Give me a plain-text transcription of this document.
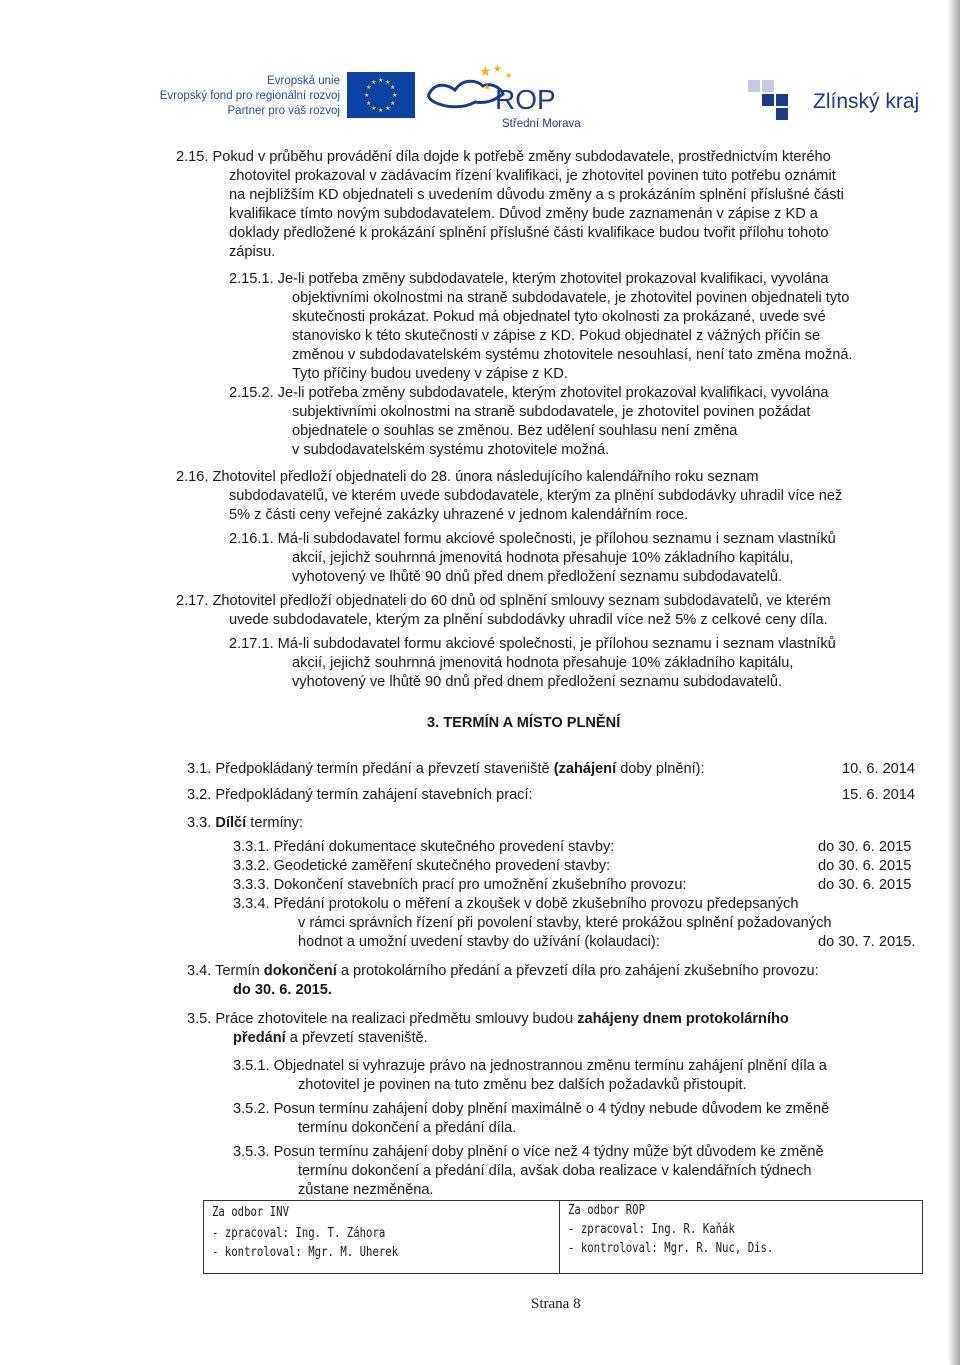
Evropská unie
Evropský fond pro regionální rozvoj
Partner pro váš rozvoj
★ ★
★
★
★
★
★
★
★
★
★
★
★ ★
★
★ ROP
Střední Morava
Zlínský kraj
2.15. Pokud v průběhu provádění díla dojde k potřebě změny subdodavatele, prostřednictvím kterého
zhotovitel prokazoval v zadávacím řízení kvalifikaci, je zhotovitel povinen tuto potřebu oznámit
na nejbližším KD objednateli s uvedením důvodu změny a s prokázáním splnění příslušné části
kvalifikace tímto novým subdodavatelem. Důvod změny bude zaznamenán v zápise z KD a
doklady předložené k prokázání splnění příslušné části kvalifikace budou tvořit přílohu tohoto
zápisu.
2.15.1. Je-li potřeba změny subdodavatele, kterým zhotovitel prokazoval kvalifikaci, vyvolána
objektivními okolnostmi na straně subdodavatele, je zhotovitel povinen objednateli tyto
skutečnosti prokázat. Pokud má objednatel tyto okolnosti za prokázané, uvede své
stanovisko k této skutečnosti v zápise z KD. Pokud objednatel z vážných příčin se
změnou v subdodavatelském systému zhotovitele nesouhlasí, není tato změna možná.
Tyto příčiny budou uvedeny v zápise z KD.
2.15.2. Je-li potřeba změny subdodavatele, kterým zhotovitel prokazoval kvalifikaci, vyvolána
subjektivními okolnostmi na straně subdodavatele, je zhotovitel povinen požádat
objednatele o souhlas se změnou. Bez udělení souhlasu není změna
v subdodavatelském systému zhotovitele možná.
2.16. Zhotovitel předloží objednateli do 28. února následujícího kalendářního roku seznam
subdodavatelů, ve kterém uvede subdodavatele, kterým za plnění subdodávky uhradil více než
5% z části ceny veřejné zakázky uhrazené v jednom kalendářním roce.
2.16.1. Má-li subdodavatel formu akciové společnosti, je přílohou seznamu i seznam vlastníků
akcií, jejichž souhrnná jmenovitá hodnota přesahuje 10% základního kapitálu,
vyhotovený ve lhůtě 90 dnů před dnem předložení seznamu subdodavatelů.
2.17. Zhotovitel předloží objednateli do 60 dnů od splnění smlouvy seznam subdodavatelů, ve kterém
uvede subdodavatele, kterým za plnění subdodávky uhradil více než 5% z celkové ceny díla.
2.17.1. Má-li subdodavatel formu akciové společnosti, je přílohou seznamu i seznam vlastníků
akcií, jejichž souhrnná jmenovitá hodnota přesahuje 10% základního kapitálu,
vyhotovený ve lhůtě 90 dnů před dnem předložení seznamu subdodavatelů.
3. TERMÍN A MÍSTO PLNĚNÍ
3.1. Předpokládaný termín předání a převzetí staveniště (zahájení doby plnění):
3.2. Předpokládaný termín zahájení stavebních prací:
3.3. Dílčí termíny:
3.3.1. Předání dokumentace skutečného provedení stavby:
3.3.2. Geodetické zaměření skutečného provedení stavby:
3.3.3. Dokončení stavebních prací pro umožnění zkušebního provozu:
3.3.4. Předání protokolu o měření a zkoušek v době zkušebního provozu předepsaných
v rámci správních řízení při povolení stavby, které prokážou splnění požadovaných
hodnot a umožní uvedení stavby do užívání (kolaudaci):
3.4. Termín dokončení a protokolárního předání a převzetí díla pro zahájení zkušebního provozu:
do 30. 6. 2015.
3.5. Práce zhotovitele na realizaci předmětu smlouvy budou zahájeny dnem protokolárního
předání a převzetí staveniště.
3.5.1. Objednatel si vyhrazuje právo na jednostrannou změnu termínu zahájení plnění díla a
zhotovitel je povinen na tuto změnu bez dalších požadavků přistoupit.
3.5.2. Posun termínu zahájení doby plnění maximálně o 4 týdny nebude důvodem ke změně
termínu dokončení a předání díla.
3.5.3. Posun termínu zahájení doby plnění o více než 4 týdny může být důvodem ke změně
termínu dokončení a předání díla, avšak doba realizace v kalendářních týdnech
zůstane nezměněna.
10. 6. 2014
15. 6. 2014
do 30. 6. 2015
do 30. 6. 2015
do 30. 6. 2015
do 30. 7. 2015.
Za odbor INV
- zpracoval: Ing. T. Záhora
- kontroloval: Mgr. M. Uherek
Za odbor ROP
- zpracoval: Ing. R. Kaňák
- kontroloval: Mgr. R. Nuc, Dis.
Strana 8
